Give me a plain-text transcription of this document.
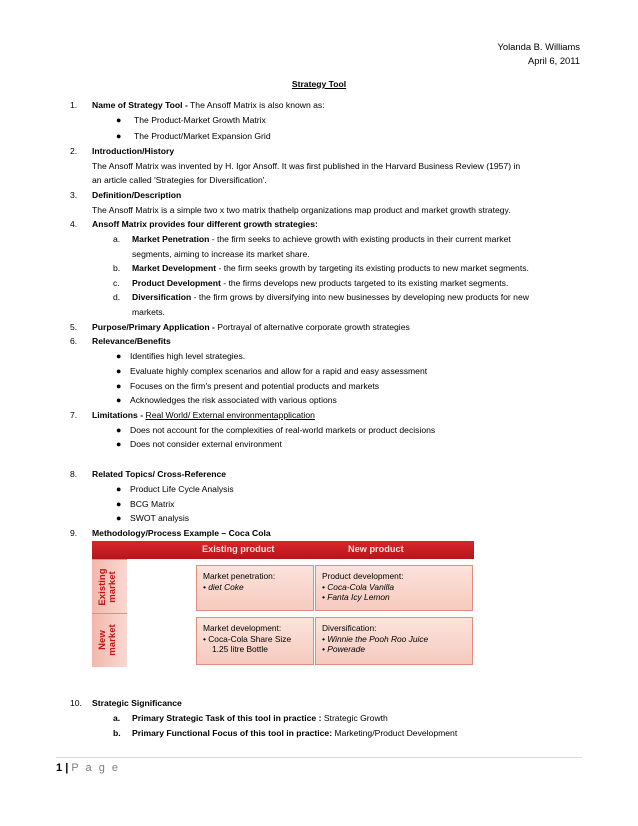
Yolanda B. Williams
April 6, 2011
Strategy Tool
1. Name of Strategy Tool - The Ansoff Matrix is also known as:
● The Product-Market Growth Matrix
● The Product/Market Expansion Grid
2. Introduction/History
The Ansoff Matrix was invented by H. Igor Ansoff. It was first published in the Harvard Business Review (1957) in
an article called 'Strategies for Diversification'.
3. Definition/Description
The Ansoff Matrix is a simple two x two matrix thathelp organizations map product and market growth strategy.
4. Ansoff Matrix provides four different growth strategies:
a. Market Penetration - the firm seeks to achieve growth with existing products in their current market
segments, aiming to increase its market share.
b. Market Development - the firm seeks growth by targeting its existing products to new market segments.
c. Product Development - the firms develops new products targeted to its existing market segments.
d. Diversification - the firm grows by diversifying into new businesses by developing new products for new
markets.
5. Purpose/Primary Application - Portrayal of alternative corporate growth strategies
6. Relevance/Benefits
● Identifies high level strategies.
● Evaluate highly complex scenarios and allow for a rapid and easy assessment
● Focuses on the firm's present and potential products and markets
● Acknowledges the risk associated with various options
7. Limitations - Real World/ External environmentapplication
● Does not account for the complexities of real-world markets or product decisions
● Does not consider external environment
8. Related Topics/ Cross-Reference
● Product Life Cycle Analysis
● BCG Matrix
● SWOT analysis
9. Methodology/Process Example – Coca Cola
Existing product	New product
Existing market
New market
Market penetration:
• diet Coke
Product development:
• Coca-Cola Vanilla
• Fanta Icy Lemon
Market development:
• Coca-Cola Share Size
1.25 litre Bottle
Diversification:
• Winnie the Pooh Roo Juice
• Powerade
10. Strategic Significance
a. Primary Strategic Task of this tool in practice : Strategic Growth
b. Primary Functional Focus of this tool in practice: Marketing/Product Development
1 | P a g e
